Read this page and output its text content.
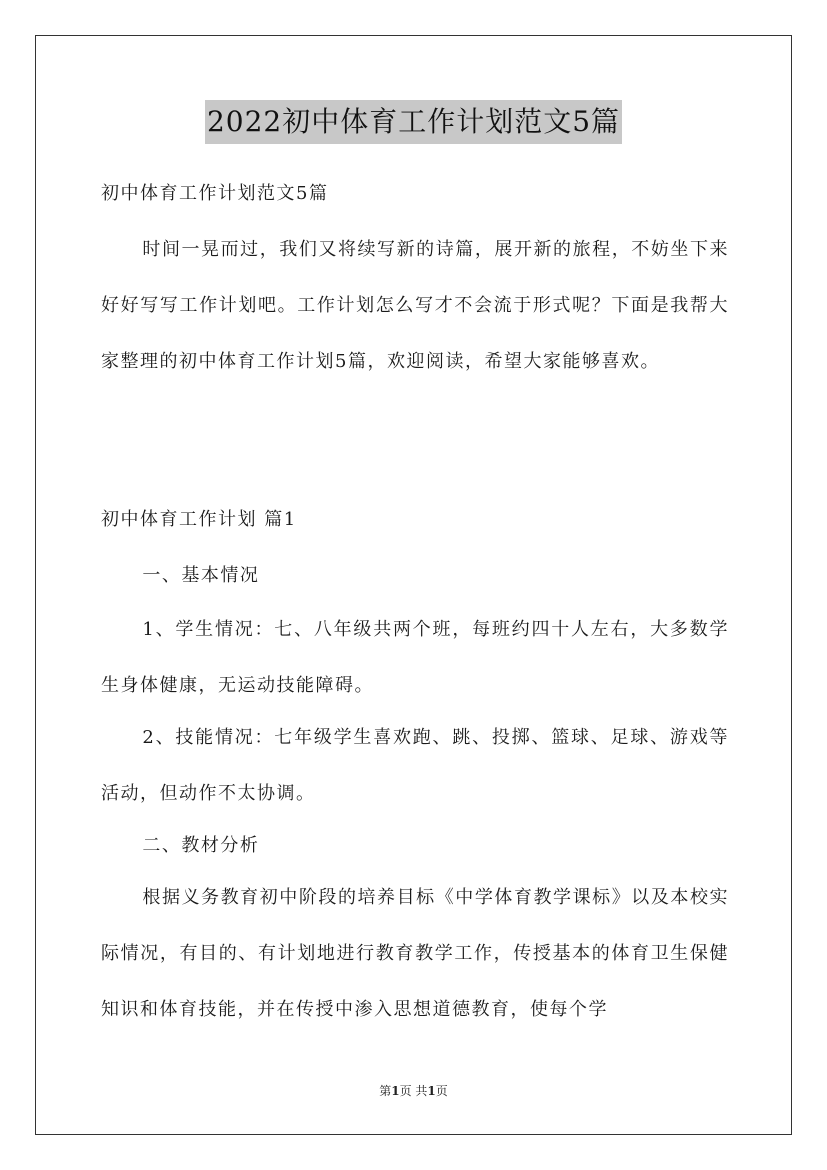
2022初中体育工作计划范文5篇

初中体育工作计划范文5篇

时间一晃而过，我们又将续写新的诗篇，展开新的旅程，不妨坐下来好好写写工作计划吧。工作计划怎么写才不会流于形式呢？下面是我帮大家整理的初中体育工作计划5篇，欢迎阅读，希望大家能够喜欢。

初中体育工作计划 篇1

一、基本情况

1、学生情况：七、八年级共两个班，每班约四十人左右，大多数学生身体健康，无运动技能障碍。

2、技能情况：七年级学生喜欢跑、跳、投掷、篮球、足球、游戏等活动，但动作不太协调。

二、教材分析

根据义务教育初中阶段的培养目标《中学体育教学课标》以及本校实际情况，有目的、有计划地进行教育教学工作，传授基本的体育卫生保健知识和体育技能，并在传授中渗入思想道德教育，使每个学

第1页 共1页
